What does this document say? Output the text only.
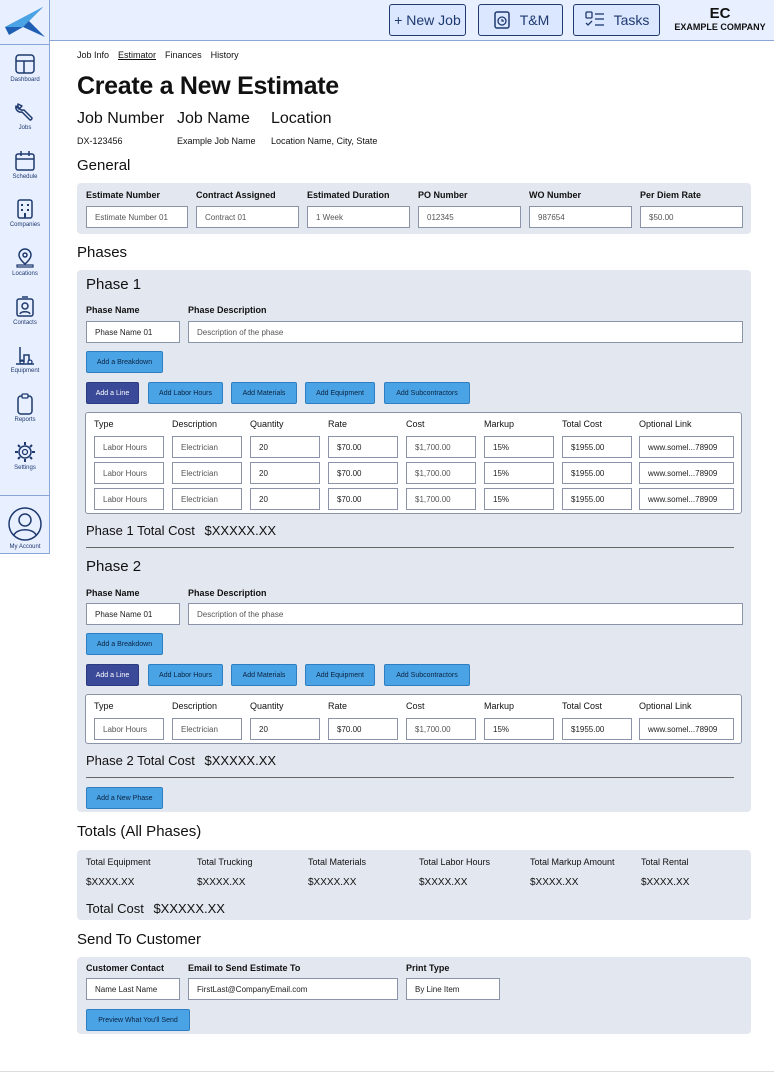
Dashboard
Jobs
Schedule
Companies
Locations
Contacts
Equipment
Reports
Settings
My Account
+ New Job	T&M	Tasks	EC
EXAMPLE COMPANY
Job Info Estimator Finances History
Create a New Estimate
Job Number
DX-123456
Job Name
Example Job Name
Location
Location Name, City, State
General
Estimate Number
Estimate Number 01
Contract Assigned
Contract 01
Estimated Duration
1 Week
PO Number
012345
WO Number
987654
Per Diem Rate
$50.00
Phases
Phase 1
Phase Name	Phase Description
Phase Name 01	Description of the phase
Add a Breakdown
Add a Line	Add Labor Hours	Add Materials	Add Equipment	Add Subcontractors
Type	Description	Quantity	Rate	Cost	Markup	Total Cost	Optional Link
Labor Hours	Electrician	20	$70.00	$1,700.00	15%	$1955.00	www.somel...78909
Labor Hours	Electrician	20	$70.00	$1,700.00	15%	$1955.00	www.somel...78909
Labor Hours	Electrician	20	$70.00	$1,700.00	15%	$1955.00	www.somel...78909
Phase 1 Total Cost $XXXXX.XX
Phase 2
Phase Name	Phase Description
Phase Name 01	Description of the phase
Add a Breakdown
Add a Line	Add Labor Hours	Add Materials	Add Equipment	Add Subcontractors
Type	Description	Quantity	Rate	Cost	Markup	Total Cost	Optional Link
Labor Hours	Electrician	20	$70.00	$1,700.00	15%	$1955.00	www.somel...78909
Phase 2 Total Cost $XXXXX.XX
Add a New Phase
Totals (All Phases)
Total Equipment
$XXXX.XX
Total Trucking
$XXXX.XX
Total Materials
$XXXX.XX
Total Labor Hours
$XXXX.XX
Total Markup Amount
$XXXX.XX
Total Rental
$XXXX.XX
Total Cost $XXXXX.XX
Send To Customer
Customer Contact
Name Last Name
Email to Send Estimate To
FirstLast@CompanyEmail.com
Print Type
By Line Item
Preview What You'll Send
